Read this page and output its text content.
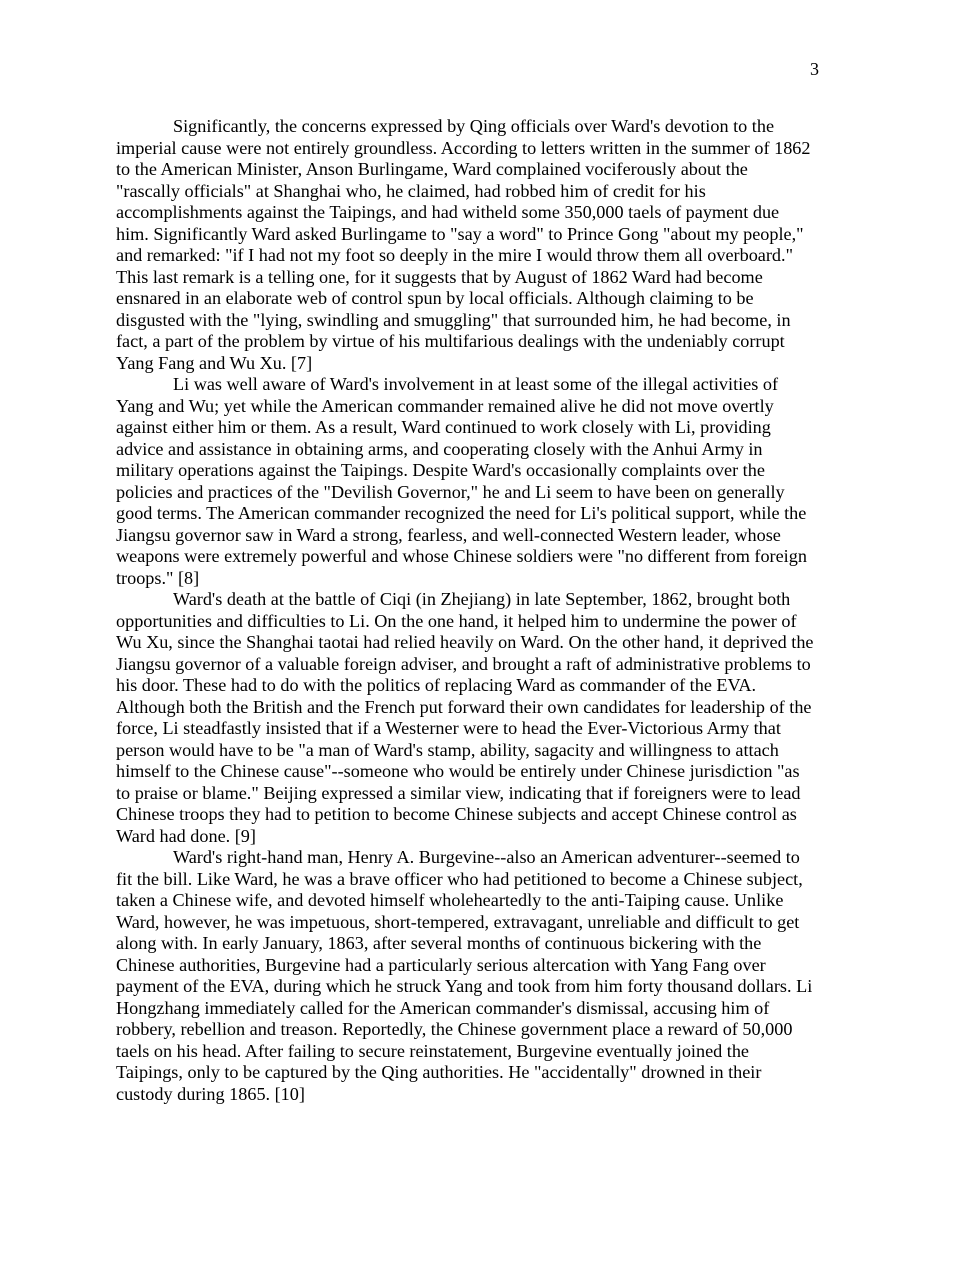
3

Significantly, the concerns expressed by Qing officials over Ward's devotion to the imperial cause were not entirely groundless. According to letters written in the summer of 1862 to the American Minister, Anson Burlingame, Ward complained vociferously about the "rascally officials" at Shanghai who, he claimed, had robbed him of credit for his accomplishments against the Taipings, and had witheld some 350,000 taels of payment due him. Significantly Ward asked Burlingame to "say a word" to Prince Gong "about my people," and remarked: "if I had not my foot so deeply in the mire I would throw them all overboard." This last remark is a telling one, for it suggests that by August of 1862 Ward had become ensnared in an elaborate web of control spun by local officials. Although claiming to be disgusted with the "lying, swindling and smuggling" that surrounded him, he had become, in fact, a part of the problem by virtue of his multifarious dealings with the undeniably corrupt Yang Fang and Wu Xu. [7]

Li was well aware of Ward's involvement in at least some of the illegal activities of Yang and Wu; yet while the American commander remained alive he did not move overtly against either him or them. As a result, Ward continued to work closely with Li, providing advice and assistance in obtaining arms, and cooperating closely with the Anhui Army in military operations against the Taipings. Despite Ward's occasionally complaints over the policies and practices of the "Devilish Governor," he and Li seem to have been on generally good terms. The American commander recognized the need for Li's political support, while the Jiangsu governor saw in Ward a strong, fearless, and well-connected Western leader, whose weapons were extremely powerful and whose Chinese soldiers were "no different from foreign troops." [8]

Ward's death at the battle of Ciqi (in Zhejiang) in late September, 1862, brought both opportunities and difficulties to Li. On the one hand, it helped him to undermine the power of Wu Xu, since the Shanghai taotai had relied heavily on Ward. On the other hand, it deprived the Jiangsu governor of a valuable foreign adviser, and brought a raft of administrative problems to his door. These had to do with the politics of replacing Ward as commander of the EVA. Although both the British and the French put forward their own candidates for leadership of the force, Li steadfastly insisted that if a Westerner were to head the Ever-Victorious Army that person would have to be "a man of Ward's stamp, ability, sagacity and willingness to attach himself to the Chinese cause"--someone who would be entirely under Chinese jurisdiction "as to praise or blame." Beijing expressed a similar view, indicating that if foreigners were to lead Chinese troops they had to petition to become Chinese subjects and accept Chinese control as Ward had done. [9]

Ward's right-hand man, Henry A. Burgevine--also an American adventurer--seemed to fit the bill. Like Ward, he was a brave officer who had petitioned to become a Chinese subject, taken a Chinese wife, and devoted himself wholeheartedly to the anti-Taiping cause. Unlike Ward, however, he was impetuous, short-tempered, extravagant, unreliable and difficult to get along with. In early January, 1863, after several months of continuous bickering with the Chinese authorities, Burgevine had a particularly serious altercation with Yang Fang over payment of the EVA, during which he struck Yang and took from him forty thousand dollars. Li Hongzhang immediately called for the American commander's dismissal, accusing him of robbery, rebellion and treason. Reportedly, the Chinese government place a reward of 50,000 taels on his head. After failing to secure reinstatement, Burgevine eventually joined the Taipings, only to be captured by the Qing authorities. He "accidentally" drowned in their custody during 1865. [10]
